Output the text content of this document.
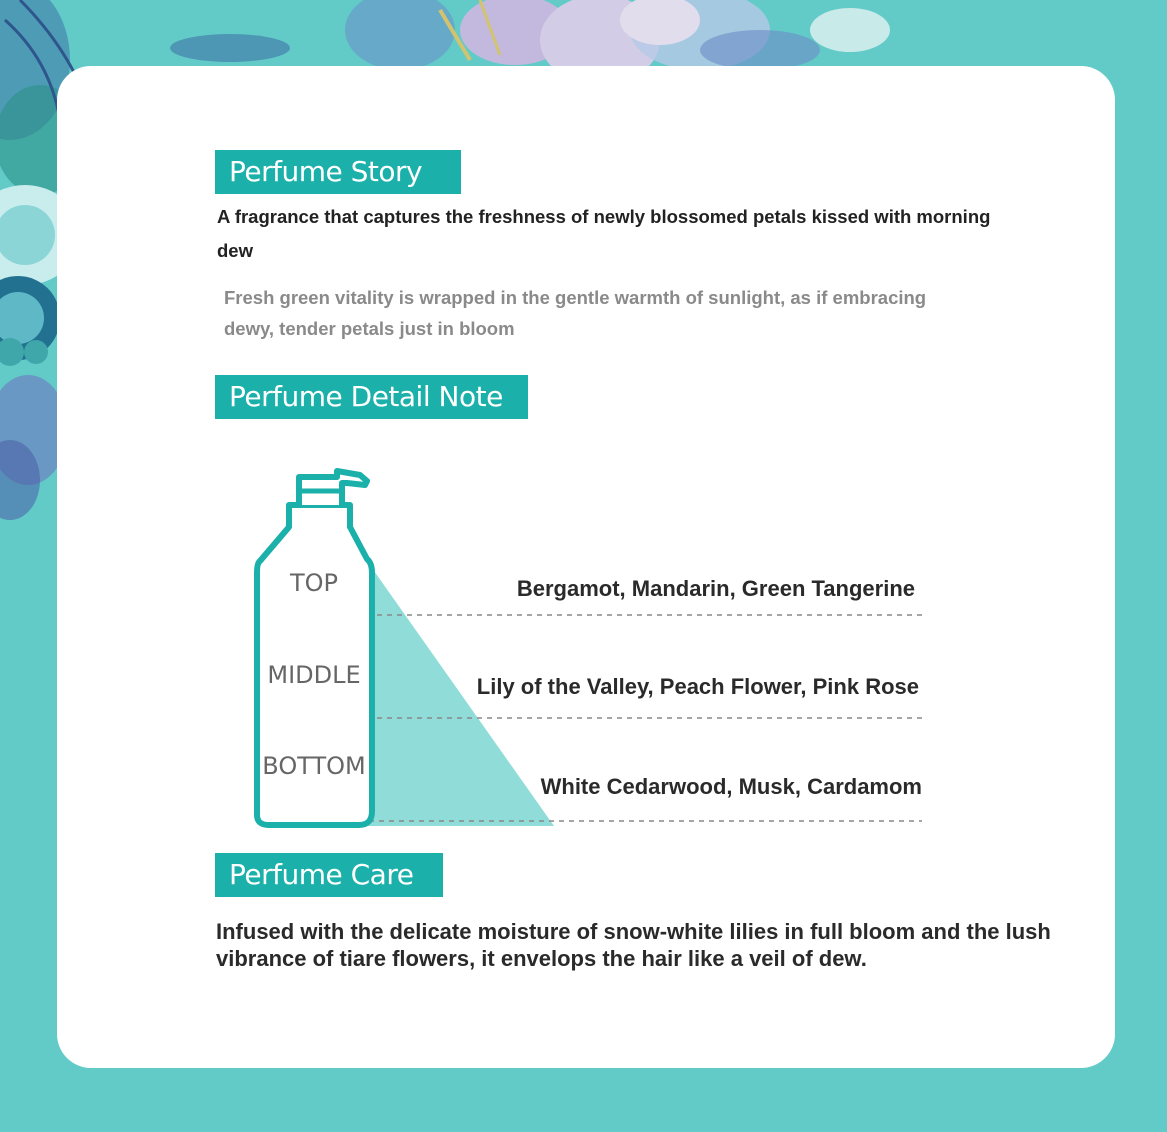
Perfume Story
A fragrance that captures the freshness of newly blossomed petals kissed with morning dew
Fresh green vitality is wrapped in the gentle warmth of sunlight, as if embracing dewy, tender petals just in bloom
Perfume Detail Note
TOP
MIDDLE
BOTTOM
Bergamot, Mandarin, Green Tangerine
Lily of the Valley, Peach Flower, Pink Rose
White Cedarwood, Musk, Cardamom
Perfume Care
Infused with the delicate moisture of snow-white lilies in full bloom and the lush vibrance of tiare flowers, it envelops the hair like a veil of dew.
